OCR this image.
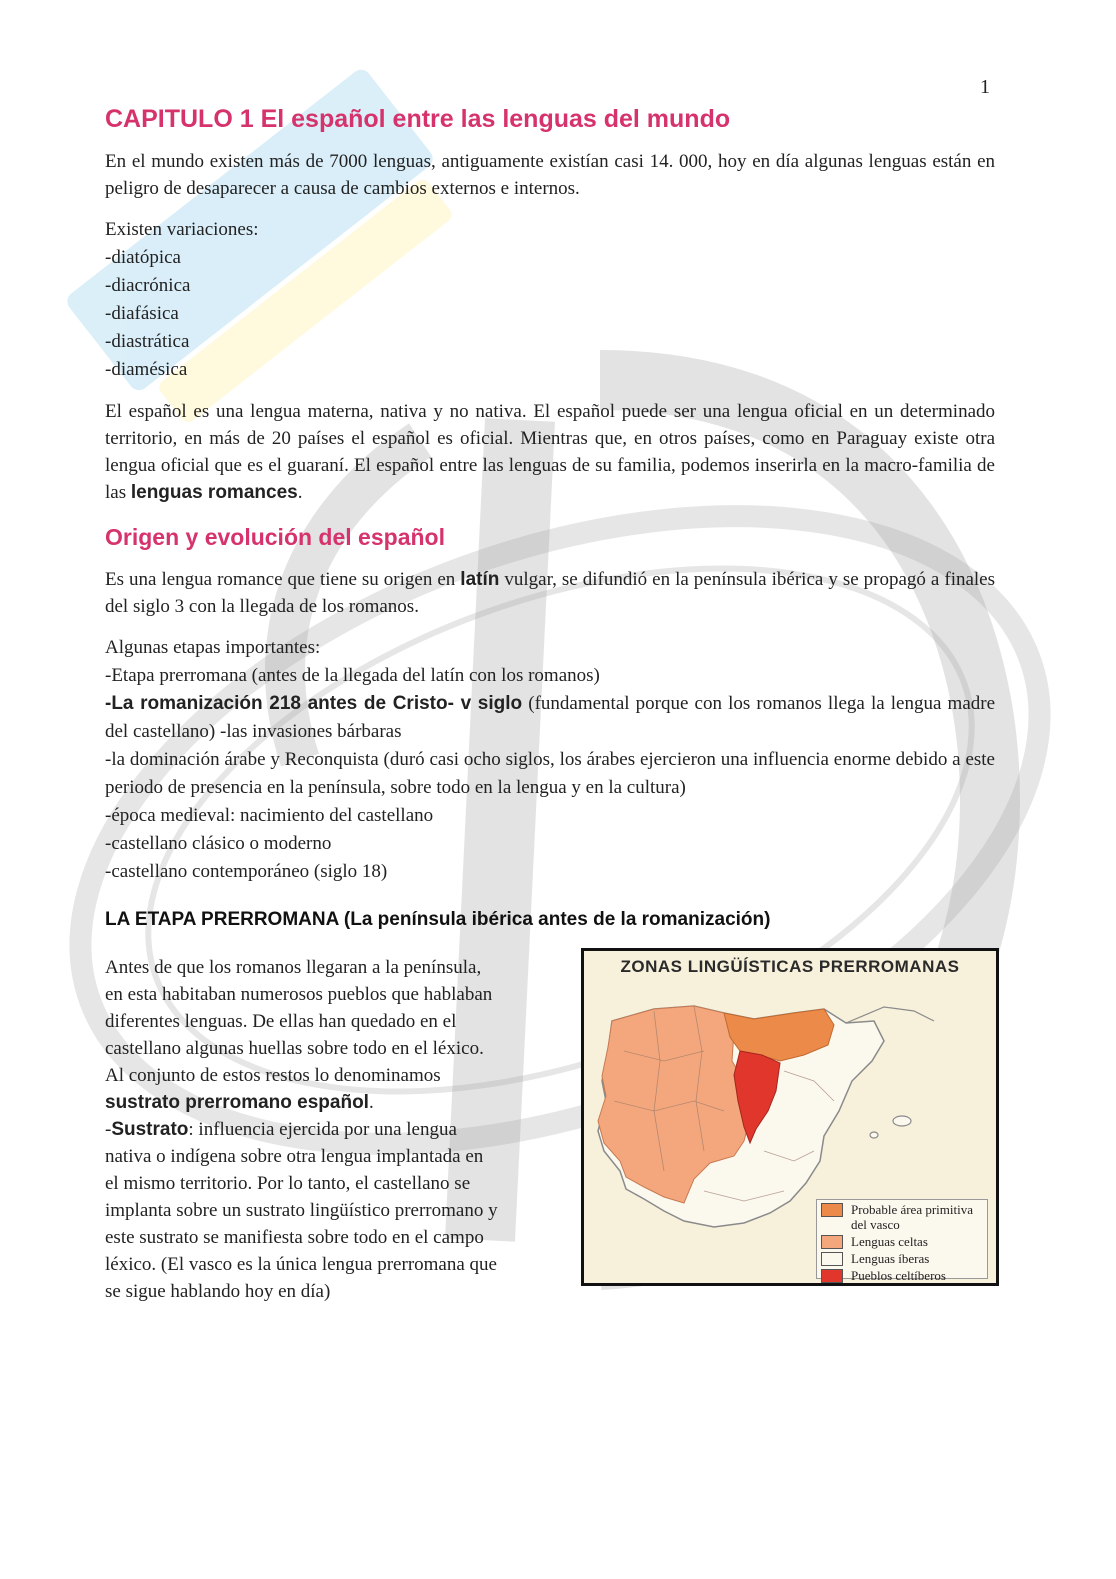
1
CAPITULO 1 El español entre las lenguas del mundo

En el mundo existen más de 7000 lenguas, antiguamente existían casi 14. 000, hoy en día algunas lenguas están en peligro de desaparecer a causa de cambios externos e internos.

Existen variaciones:
-diatópica
-diacrónica
-diafásica
-diastrática
-diamésica

El español es una lengua materna, nativa y no nativa. El español puede ser una lengua oficial en un determinado territorio, en más de 20 países el español es oficial. Mientras que, en otros países, como en Paraguay existe otra lengua oficial que es el guaraní. El español entre las lenguas de su familia, podemos inserirla en la macro-familia de las lenguas romances.

Origen y evolución del español

Es una lengua romance que tiene su origen en latín vulgar, se difundió en la península ibérica y se propagó a finales del siglo 3 con la llegada de los romanos.

Algunas etapas importantes:
-Etapa prerromana (antes de la llegada del latín con los romanos)
-La romanización 218 antes de Cristo- v siglo (fundamental porque con los romanos llega la lengua madre del castellano) -las invasiones bárbaras
-la dominación árabe y Reconquista (duró casi ocho siglos, los árabes ejercieron una influencia enorme debido a este periodo de presencia en la península, sobre todo en la lengua y en la cultura)
-época medieval: nacimiento del castellano
-castellano clásico o moderno
-castellano contemporáneo (siglo 18)
LA ETAPA PRERROMANA (La península ibérica antes de la romanización)
Antes de que los romanos llegaran a la península,
en esta habitaban numerosos pueblos que hablaban
diferentes lenguas. De ellas han quedado en el
castellano algunas huellas sobre todo en el léxico.
Al conjunto de estos restos lo denominamos
sustrato prerromano español.
-Sustrato: influencia ejercida por una lengua
nativa o indígena sobre otra lengua implantada en
el mismo territorio. Por lo tanto, el castellano se
implanta sobre un sustrato lingüístico prerromano y
este sustrato se manifiesta sobre todo en el campo
léxico. (El vasco es la única lengua prerromana que
se sigue hablando hoy en día)
ZONAS LINGÜÍSTICAS PRERROMANAS
Probable área primitiva del vasco
Lenguas celtas
Lenguas íberas
Pueblos celtíberos
